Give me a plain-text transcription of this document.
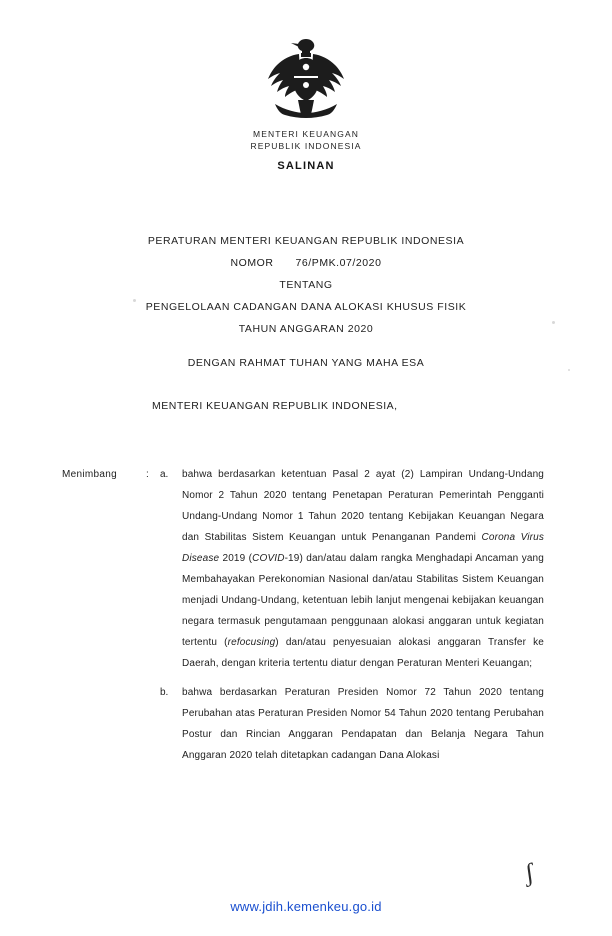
MENTERI KEUANGAN
REPUBLIK INDONESIA
SALINAN
PERATURAN MENTERI KEUANGAN REPUBLIK INDONESIA
NOMOR 76/PMK.07/2020
TENTANG
PENGELOLAAN CADANGAN DANA ALOKASI KHUSUS FISIK
TAHUN ANGGARAN 2020
DENGAN RAHMAT TUHAN YANG MAHA ESA
MENTERI KEUANGAN REPUBLIK INDONESIA,
Menimbang	:	a.	bahwa berdasarkan ketentuan Pasal 2 ayat (2) Lampiran Undang-Undang Nomor 2 Tahun 2020 tentang Penetapan Peraturan Pemerintah Pengganti Undang-Undang Nomor 1 Tahun 2020 tentang Kebijakan Keuangan Negara dan Stabilitas Sistem Keuangan untuk Penanganan Pandemi Corona Virus Disease 2019 (COVID-19) dan/atau dalam rangka Menghadapi Ancaman yang Membahayakan Perekonomian Nasional dan/atau Stabilitas Sistem Keuangan menjadi Undang-Undang, ketentuan lebih lanjut mengenai kebijakan keuangan negara termasuk pengutamaan penggunaan alokasi anggaran untuk kegiatan tertentu (refocusing) dan/atau penyesuaian alokasi anggaran Transfer ke Daerah, dengan kriteria tertentu diatur dengan Peraturan Menteri Keuangan;
b.	bahwa berdasarkan Peraturan Presiden Nomor 72 Tahun 2020 tentang Perubahan atas Peraturan Presiden Nomor 54 Tahun 2020 tentang Perubahan Postur dan Rincian Anggaran Pendapatan dan Belanja Negara Tahun Anggaran 2020 telah ditetapkan cadangan Dana Alokasi
ʃ
www.jdih.kemenkeu.go.id
